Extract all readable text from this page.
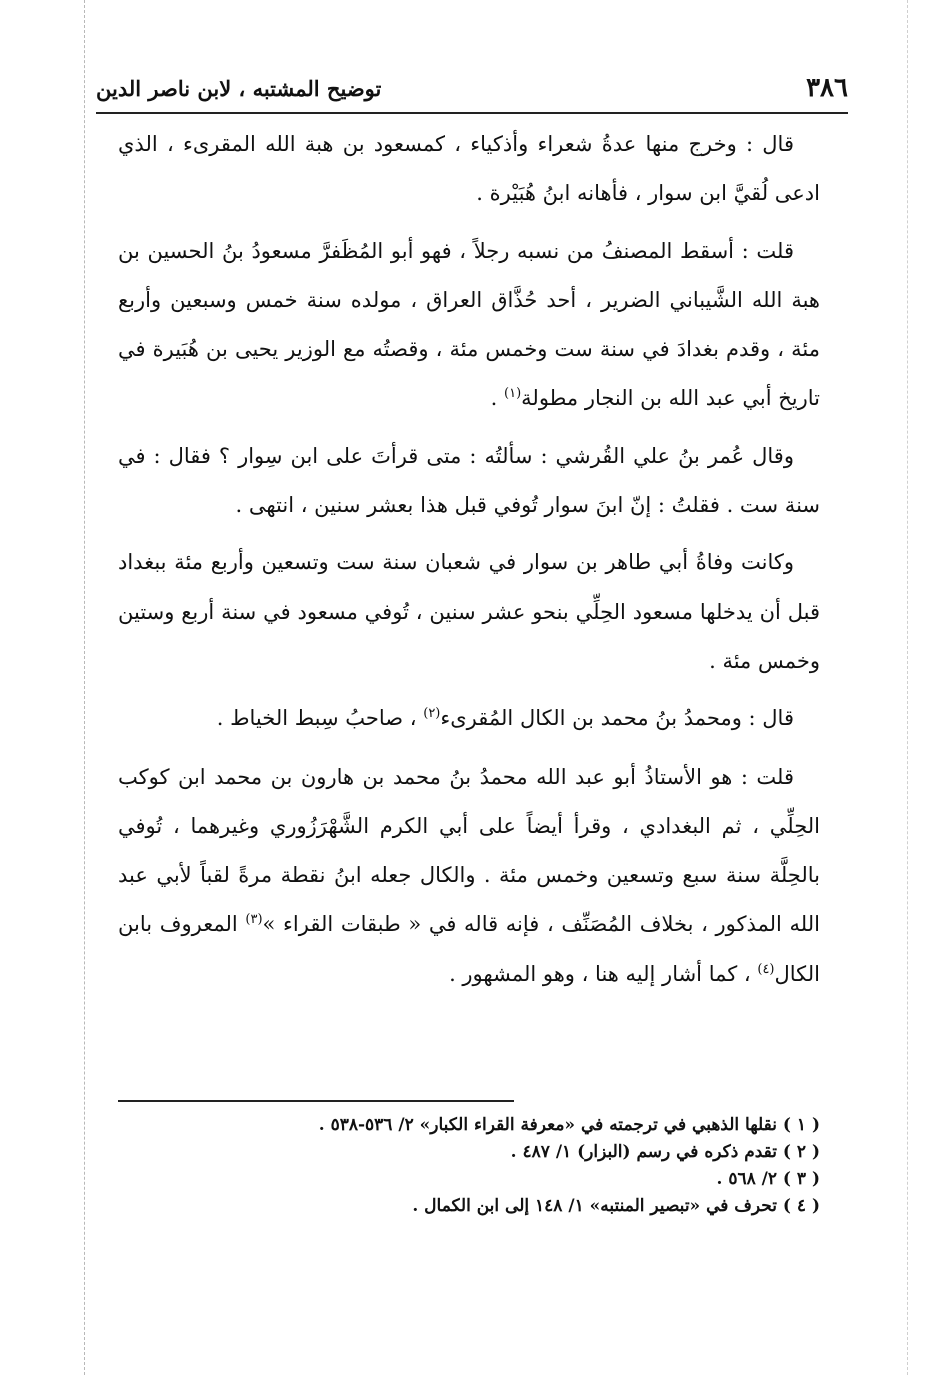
٣٨٦
توضيح المشتبه ، لابن ناصر الدين

قال : وخرج منها عدةُ شعراء وأذكياء ، كمسعود بن هبة الله المقرىء ، الذي ادعى لُقيَّ ابن سوار ، فأهانه ابنُ هُبَيْرة .

قلت : أسقط المصنفُ من نسبه رجلاً ، فهو أبو المُظَفرَّ مسعودُ بنُ الحسين بن هبة الله الشَّيباني الضرير ، أحد حُذَّاق العراق ، مولده سنة خمس وسبعين وأربع مئة ، وقدم بغدادَ في سنة ست وخمس مئة ، وقصتُه مع الوزير يحيى بن هُبَيرة في تاريخ أبي عبد الله بن النجار مطولة$^{(١)}$ .

وقال عُمر بنُ علي القُرشي : سألتُه : متى قرأتَ على ابن سِوار ؟ فقال : في سنة ست . فقلتُ : إنّ ابنَ سوار تُوفي قبل هذا بعشر سنين ، انتهى .

وكانت وفاةُ أبي طاهر بن سوار في شعبان سنة ست وتسعين وأربع مئة ببغداد قبل أن يدخلها مسعود الحِلِّي بنحو عشر سنين ، تُوفي مسعود في سنة أربع وستين وخمس مئة .

قال : ومحمدُ بنُ محمد بن الكال المُقرىء$^{(٢)}$ ، صاحبُ سِبط الخياط .

قلت : هو الأستاذُ أبو عبد الله محمدُ بنُ محمد بن هارون بن محمد ابن كوكب الحِلِّي ، ثم البغدادي ، وقرأ أيضاً على أبي الكرم الشَّهْرَزُوري وغيرهما ، تُوفي بالحِلَّة سنة سبع وتسعين وخمس مئة . والكال جعله ابنُ نقطة مرةً لقباً لأبي عبد الله المذكور ، بخلاف المُصَنِّف ، فإنه قاله في « طبقات القراء »$^{(٣)}$ المعروف بابن الكال$^{(٤)}$ ، كما أشار إليه هنا ، وهو المشهور .

( ١ ) نقلها الذهبي في ترجمته في «معرفة القراء الكبار» ٢/ ٥٣٦-٥٣٨ .

( ٢ ) تقدم ذكره في رسم (البزار) ١/ ٤٨٧ .

( ٣ ) ٢/ ٥٦٨ .

( ٤ ) تحرف في «تبصير المنتبه» ١/ ١٤٨ إلى ابن الكمال .
